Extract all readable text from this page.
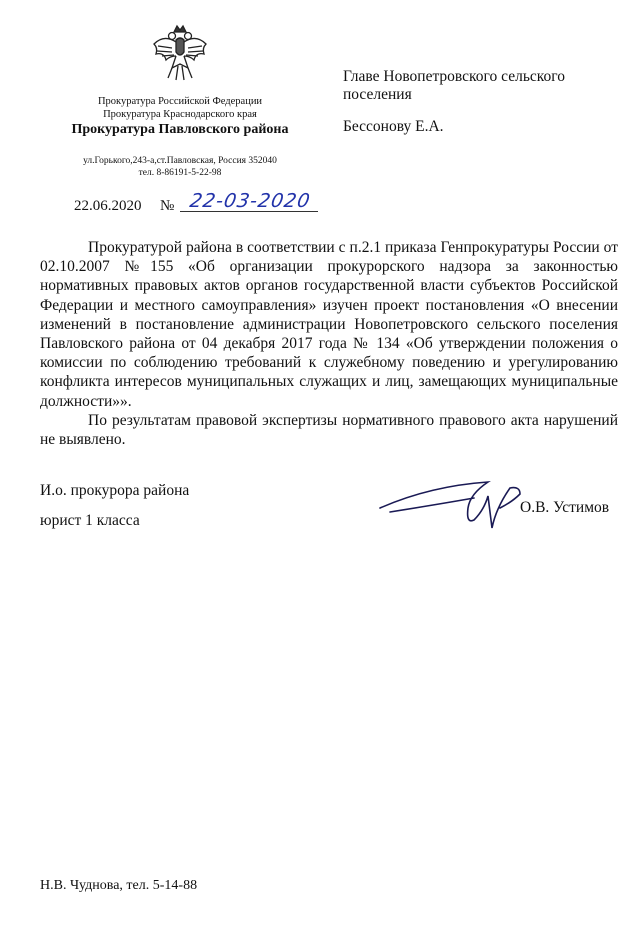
Прокуратура Российской Федерации
Прокуратура Краснодарского края
Прокуратура Павловского района
ул.Горького,243-а,ст.Павловская, Россия 352040
тел. 8-86191-5-22-98
Главе Новопетровского сельского поселения
Бессонову Е.А.
22.06.2020 № 22-03-2020

Прокуратурой района в соответствии с п.2.1 приказа Генпрокуратуры России от 02.10.2007 №155 «Об организации прокурорского надзора за законностью нормативных правовых актов органов государственной власти субъектов Российской Федерации и местного самоуправления» изучен проект постановления «О внесении изменений в постановление администрации Новопетровского сельского поселения Павловского района от 04 декабря 2017 года № 134 «Об утверждении положения о комиссии по соблюдению требований к служебному поведению и урегулированию конфликта интересов муниципальных служащих и лиц, замещающих муниципальные должности»».

По результатам правовой экспертизы нормативного правового акта нарушений не выявлено.

И.о. прокурора района
юрист 1 класса
О.В. Устимов
Н.В. Чуднова, тел. 5-14-88
